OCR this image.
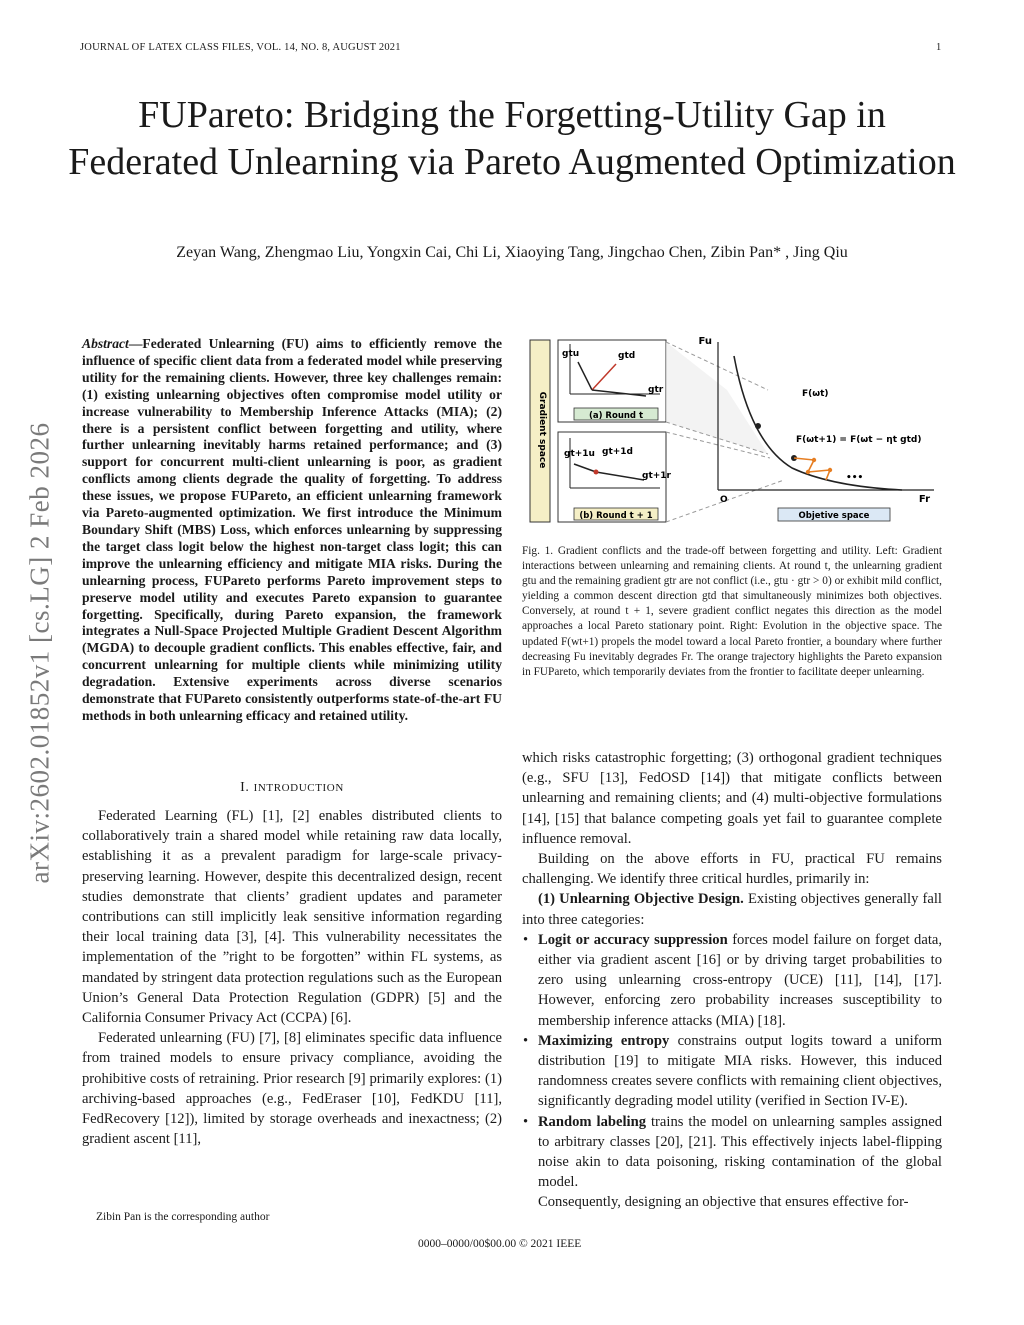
JOURNAL OF LATEX CLASS FILES, VOL. 14, NO. 8, AUGUST 2021	1
FUPareto: Bridging the Forgetting-Utility Gap in Federated Unlearning via Pareto Augmented Optimization
Zeyan Wang, Zhengmao Liu, Yongxin Cai, Chi Li, Xiaoying Tang, Jingchao Chen, Zibin Pan* , Jing Qiu
arXiv:2602.01852v1 [cs.LG] 2 Feb 2026
Abstract—Federated Unlearning (FU) aims to efficiently remove the influence of specific client data from a federated model while preserving utility for the remaining clients. However, three key challenges remain: (1) existing unlearning objectives often compromise model utility or increase vulnerability to Membership Inference Attacks (MIA); (2) there is a persistent conflict between forgetting and utility, where further unlearning inevitably harms retained performance; and (3) support for concurrent multi-client unlearning is poor, as gradient conflicts among clients degrade the quality of forgetting. To address these issues, we propose FUPareto, an efficient unlearning framework via Pareto-augmented optimization. We first introduce the Minimum Boundary Shift (MBS) Loss, which enforces unlearning by suppressing the target class logit below the highest non-target class logit; this can improve the unlearning efficiency and mitigate MIA risks. During the unlearning process, FUPareto performs Pareto improvement steps to preserve model utility and executes Pareto expansion to guarantee forgetting. Specifically, during Pareto expansion, the framework integrates a Null-Space Projected Multiple Gradient Descent Algorithm (MGDA) to decouple gradient conflicts. This enables effective, fair, and concurrent unlearning for multiple clients while minimizing utility degradation. Extensive experiments across diverse scenarios demonstrate that FUPareto consistently outperforms state-of-the-art FU methods in both unlearning efficacy and retained utility.
I. INTRODUCTION

Federated Learning (FL) [1], [2] enables distributed clients to collaboratively train a shared model while retaining raw data locally, establishing it as a prevalent paradigm for large-scale privacy-preserving learning. However, despite this decentralized design, recent studies demonstrate that clients’ gradient updates and parameter contributions can still implicitly leak sensitive information regarding their local training data [3], [4]. This vulnerability necessitates the implementation of the ”right to be forgotten” within FL systems, as mandated by stringent data protection regulations such as the European Union’s General Data Protection Regulation (GDPR) [5] and the California Consumer Privacy Act (CCPA) [6].

Federated unlearning (FU) [7], [8] eliminates specific data influence from trained models to ensure privacy compliance, avoiding the prohibitive costs of retraining. Prior research [9] primarily explores: (1) archiving-based approaches (e.g., FedEraser [10], FedKDU [11], FedRecovery [12]), limited by storage overheads and inexactness; (2) gradient ascent [11],

Zibin Pan is the corresponding author
Gradient space
gtu	gtd
gtr
(a) Round t
gt+1u gt+1d
gt+1r
(b) Round t + 1
Fu
Fr
O
F(ωt)
F(ωt+1) = F(ωt − ηt gtd)
•••
Objetive space
Fig. 1. Gradient conflicts and the trade-off between forgetting and utility. Left: Gradient interactions between unlearning and remaining clients. At round t, the unlearning gradient gtu and the remaining gradient gtr are not conflict (i.e., gtu · gtr > 0) or exhibit mild conflict, yielding a common descent direction gtd that simultaneously minimizes both objectives. Conversely, at round t + 1, severe gradient conflict negates this direction as the model approaches a local Pareto stationary point. Right: Evolution in the objective space. The updated F(wt+1) propels the model toward a local Pareto frontier, a boundary where further decreasing Fu inevitably degrades Fr. The orange trajectory highlights the Pareto expansion in FUPareto, which temporarily deviates from the frontier to facilitate deeper unlearning.

which risks catastrophic forgetting; (3) orthogonal gradient techniques (e.g., SFU [13], FedOSD [14]) that mitigate conflicts between unlearning and remaining clients; and (4) multi-objective formulations [14], [15] that balance competing goals yet fail to guarantee complete influence removal.

Building on the above efforts in FU, practical FU remains challenging. We identify three critical hurdles, primarily in:

(1) Unlearning Objective Design. Existing objectives generally fall into three categories:

• Logit or accuracy suppression forces model failure on forget data, either via gradient ascent [16] or by driving target probabilities to zero using unlearning cross-entropy (UCE) [11], [14], [17]. However, enforcing zero probability increases susceptibility to membership inference attacks (MIA) [18].
• Maximizing entropy constrains output logits toward a uniform distribution [19] to mitigate MIA risks. However, this induced randomness creates severe conflicts with remaining client objectives, significantly degrading model utility (verified in Section IV-E).
• Random labeling trains the model on unlearning samples assigned to arbitrary classes [20], [21]. This effectively injects label-flipping noise akin to data poisoning, risking contamination of the global model.

Consequently, designing an objective that ensures effective for-

0000–0000/00$00.00 © 2021 IEEE
